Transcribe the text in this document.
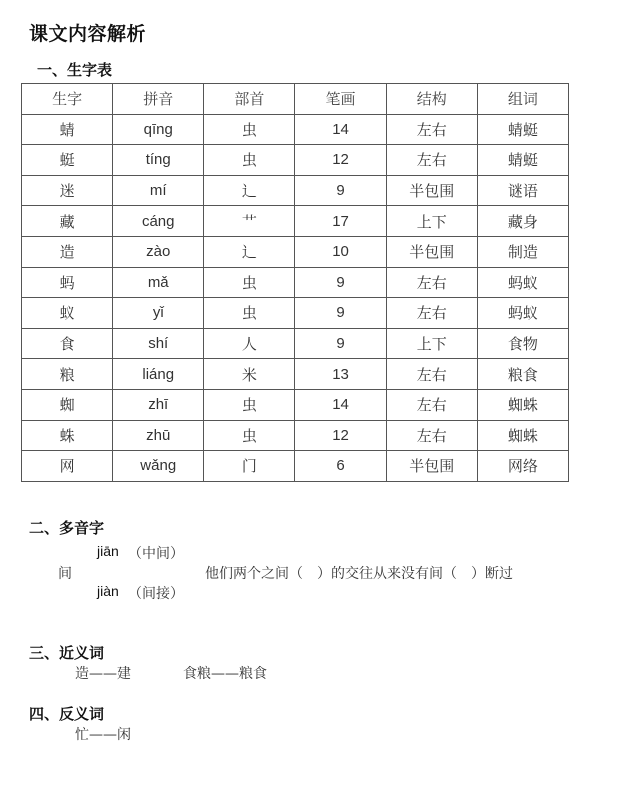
课文内容解析
一、生字表
生字	拼音	部首	笔画	结构	组词
蜻	qīng	虫	14	左右	蜻蜓
蜓	tíng	虫	12	左右	蜻蜓
迷	mí	辶	9	半包围	谜语
藏	cáng	艹	17	上下	藏身
造	zào	辶	10	半包围	制造
蚂	mǎ	虫	9	左右	蚂蚁
蚁	yǐ	虫	9	左右	蚂蚁
食	shí	人	9	上下	食物
粮	liáng	米	13	左右	粮食
蜘	zhī	虫	14	左右	蜘蛛
蛛	zhū	虫	12	左右	蜘蛛
网	wǎng	门	6	半包围	网络
二、多音字
jiān （中间）
间	他们两个之间（　）的交往从来没有间（　）断过
jiàn （间接）
三、近义词
造——建	食粮——粮食
四、反义词
忙——闲
